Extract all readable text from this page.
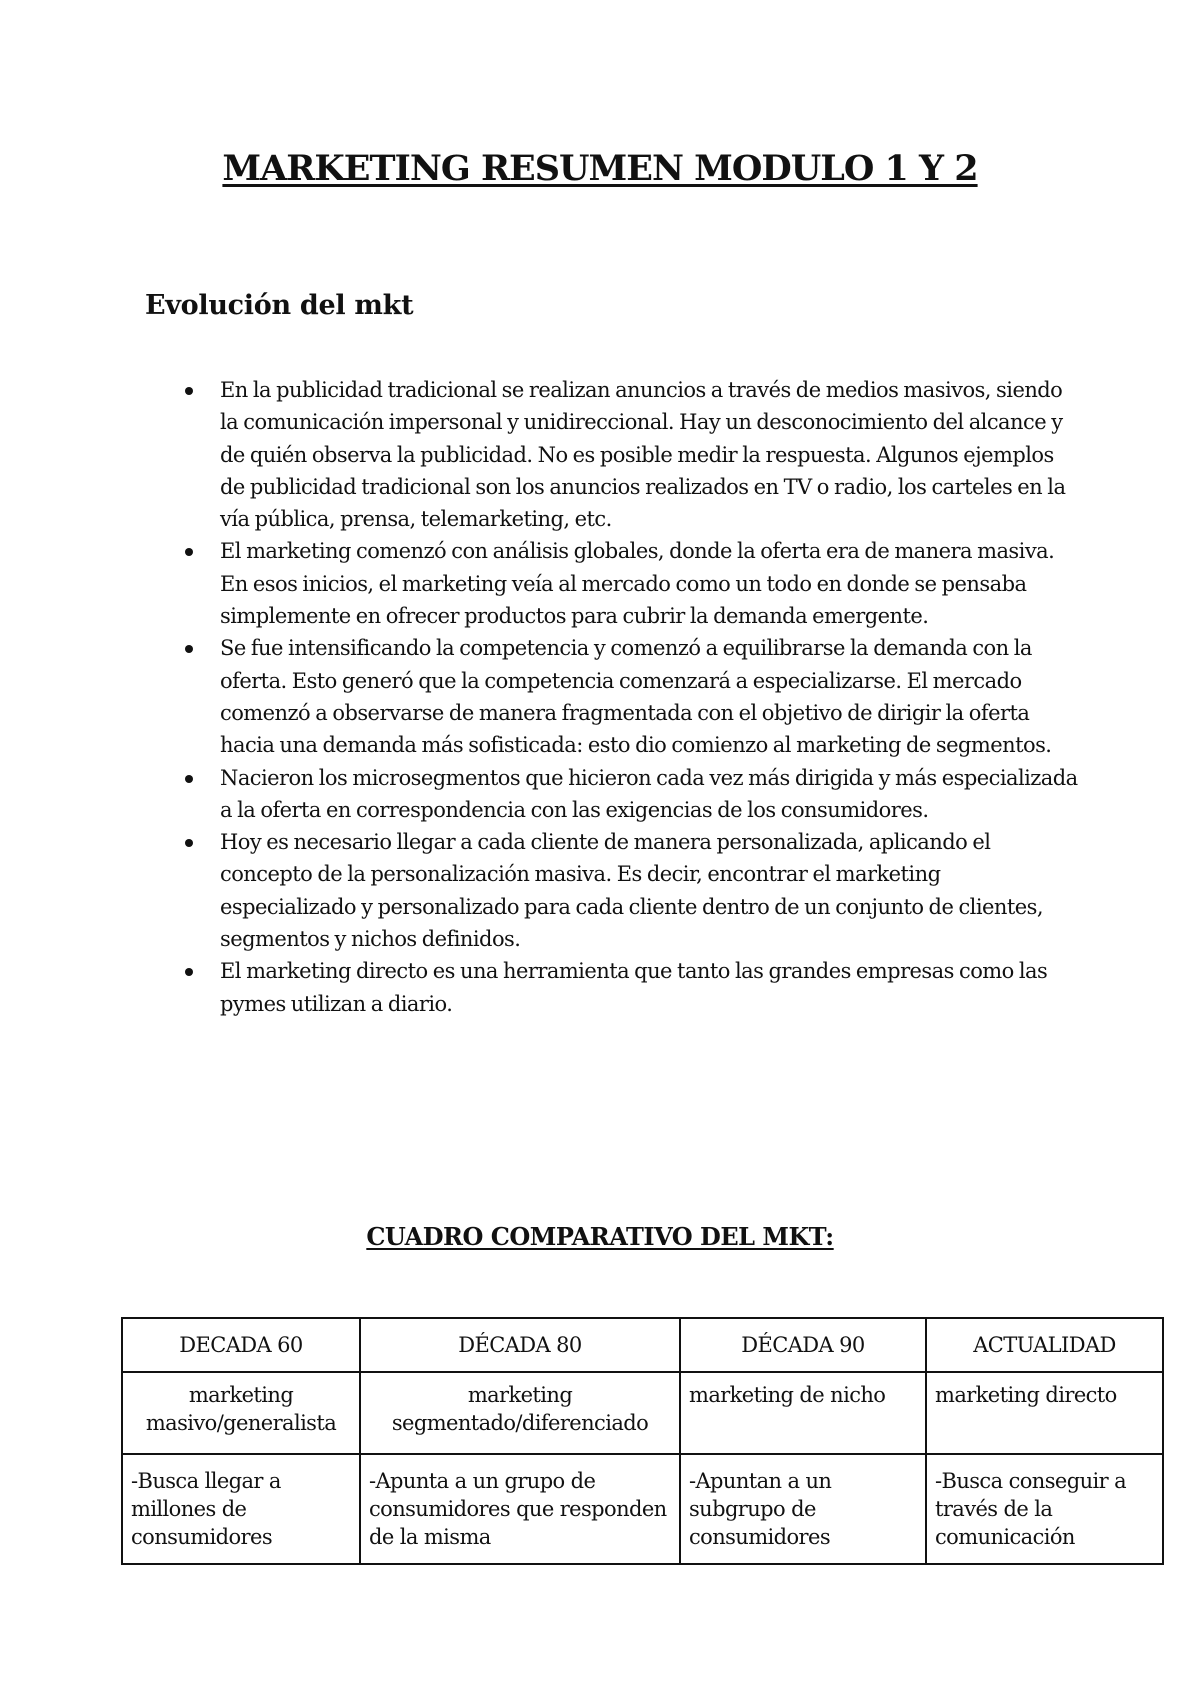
MARKETING RESUMEN MODULO 1 Y 2
Evolución del mkt
En la publicidad tradicional se realizan anuncios a través de medios masivos, siendo la comunicación impersonal y unidireccional. Hay un desconocimiento del alcance y de quién observa la publicidad. No es posible medir la respuesta. Algunos ejemplos de publicidad tradicional son los anuncios realizados en TV o radio, los carteles en la vía pública, prensa, telemarketing, etc.
El marketing comenzó con análisis globales, donde la oferta era de manera masiva. En esos inicios, el marketing veía al mercado como un todo en donde se pensaba simplemente en ofrecer productos para cubrir la demanda emergente.
Se fue intensificando la competencia y comenzó a equilibrarse la demanda con la oferta. Esto generó que la competencia comenzará a especializarse. El mercado comenzó a observarse de manera fragmentada con el objetivo de dirigir la oferta hacia una demanda más sofisticada: esto dio comienzo al marketing de segmentos.
Nacieron los microsegmentos que hicieron cada vez más dirigida y más especializada a la oferta en correspondencia con las exigencias de los consumidores.
Hoy es necesario llegar a cada cliente de manera personalizada, aplicando el concepto de la personalización masiva. Es decir, encontrar el marketing especializado y personalizado para cada cliente dentro de un conjunto de clientes, segmentos y nichos definidos.
El marketing directo es una herramienta que tanto las grandes empresas como las pymes utilizan a diario.
CUADRO COMPARATIVO DEL MKT:
DECADA 60	DÉCADA 80	DÉCADA 90	ACTUALIDAD
marketing masivo/generalista	marketing segmentado/diferenciado	marketing de nicho	marketing directo
-Busca llegar a millones de consumidores	-Apunta a un grupo de consumidores que responden de la misma	-Apuntan a un subgrupo de consumidores	-Busca conseguir a través de la comunicación
